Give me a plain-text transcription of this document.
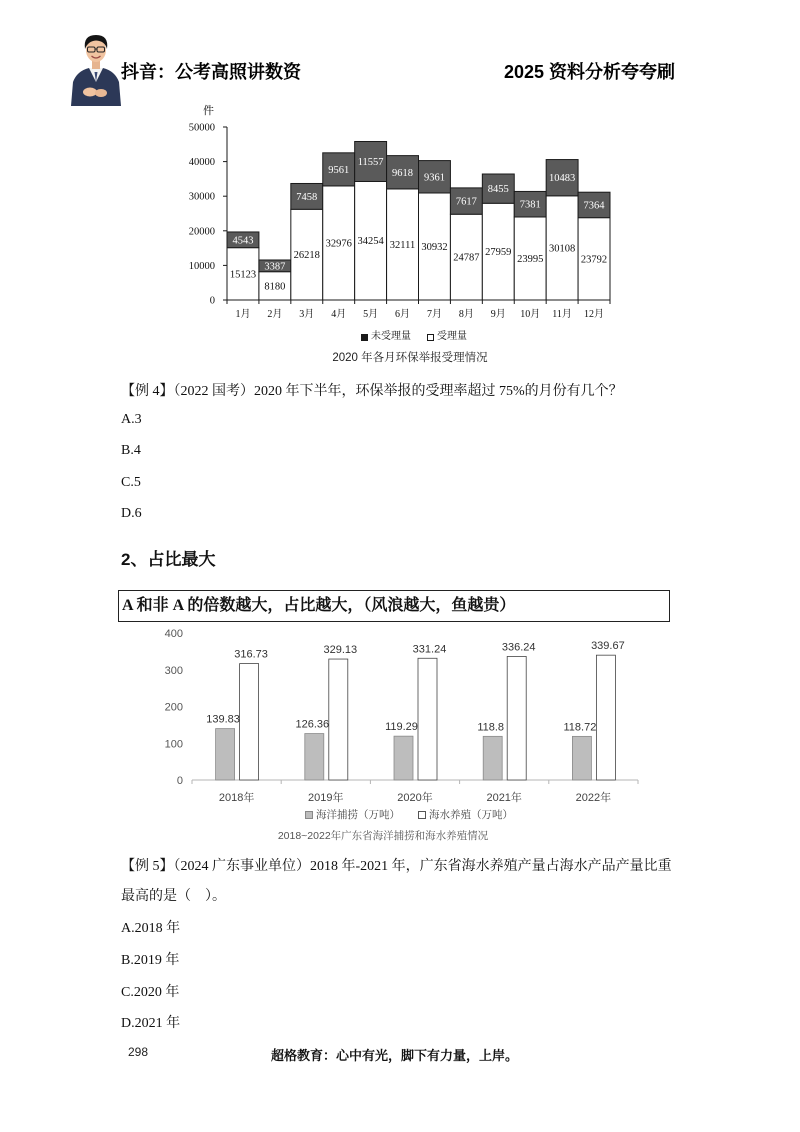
抖音：公考高照讲数资	2025 资料分析夸夸刷
件
15123
4543
1月
8180
3387
2月
26218
7458
3月
32976
9561
4月
34254
11557
5月
32111
9618
6月
30932
9361
7月
24787
7617
8月
27959
8455
9月
23995
7381
10月
30108
10483
11月
23792
7364
12月
0
10000
20000
30000
40000
50000
未受理量	受理量
2020 年各月环保举报受理情况
【例 4】（2022 国考）2020 年下半年，环保举报的受理率超过 75%的月份有几个？
A.3
B.4
C.5
D.6
2、占比最大
A 和非 A 的倍数越大，占比越大，（风浪越大，鱼越贵）
0
100
200
300
400
139.83
316.73
2018年
126.36
329.13
2019年
119.29
331.24
2020年
118.8
336.24
2021年
118.72
339.67
2022年
海洋捕捞（万吨）	海水养殖（万吨）
2018~2022年广东省海洋捕捞和海水养殖情况
【例 5】（2024 广东事业单位）2018 年-2021 年，广东省海水养殖产量占海水产品产量比重
最高的是（　）。
A.2018 年
B.2019 年
C.2020 年
D.2021 年
298	超格教育：心中有光，脚下有力量，上岸。
